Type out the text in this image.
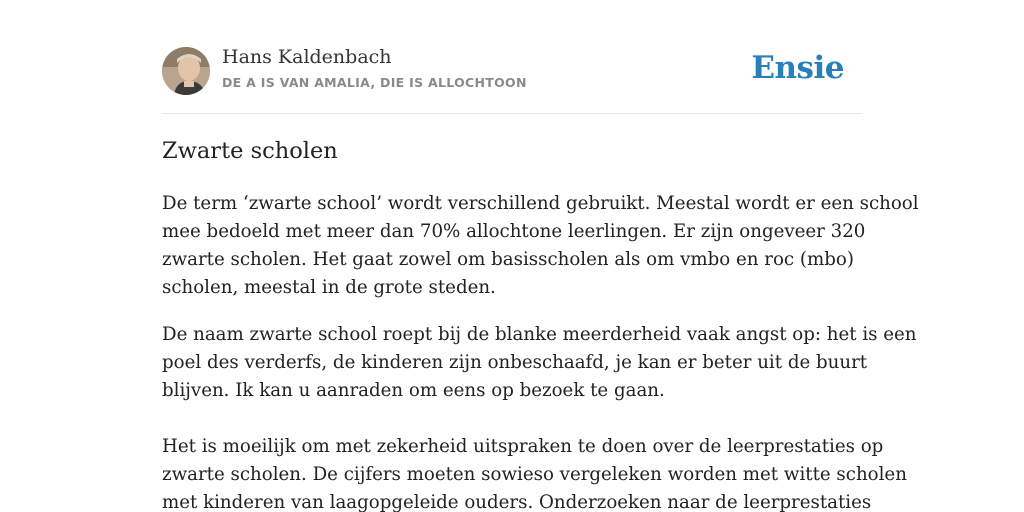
Hans Kaldenbach
DE A IS VAN AMALIA, DIE IS ALLOCHTOON	Ensie
Zwarte scholen

De term ‘zwarte school’ wordt verschillend gebruikt. Meestal wordt er een school
mee bedoeld met meer dan 70% allochtone leerlingen. Er zijn ongeveer 320
zwarte scholen. Het gaat zowel om basisscholen als om vmbo en roc (mbo)
scholen, meestal in de grote steden.

De naam zwarte school roept bij de blanke meerderheid vaak angst op: het is een
poel des verderfs, de kinderen zijn onbeschaafd, je kan er beter uit de buurt
blijven. Ik kan u aanraden om eens op bezoek te gaan.

Het is moeilijk om met zekerheid uitspraken te doen over de leerprestaties op
zwarte scholen. De cijfers moeten sowieso vergeleken worden met witte scholen
met kinderen van laagopgeleide ouders. Onderzoeken naar de leerprestaties
